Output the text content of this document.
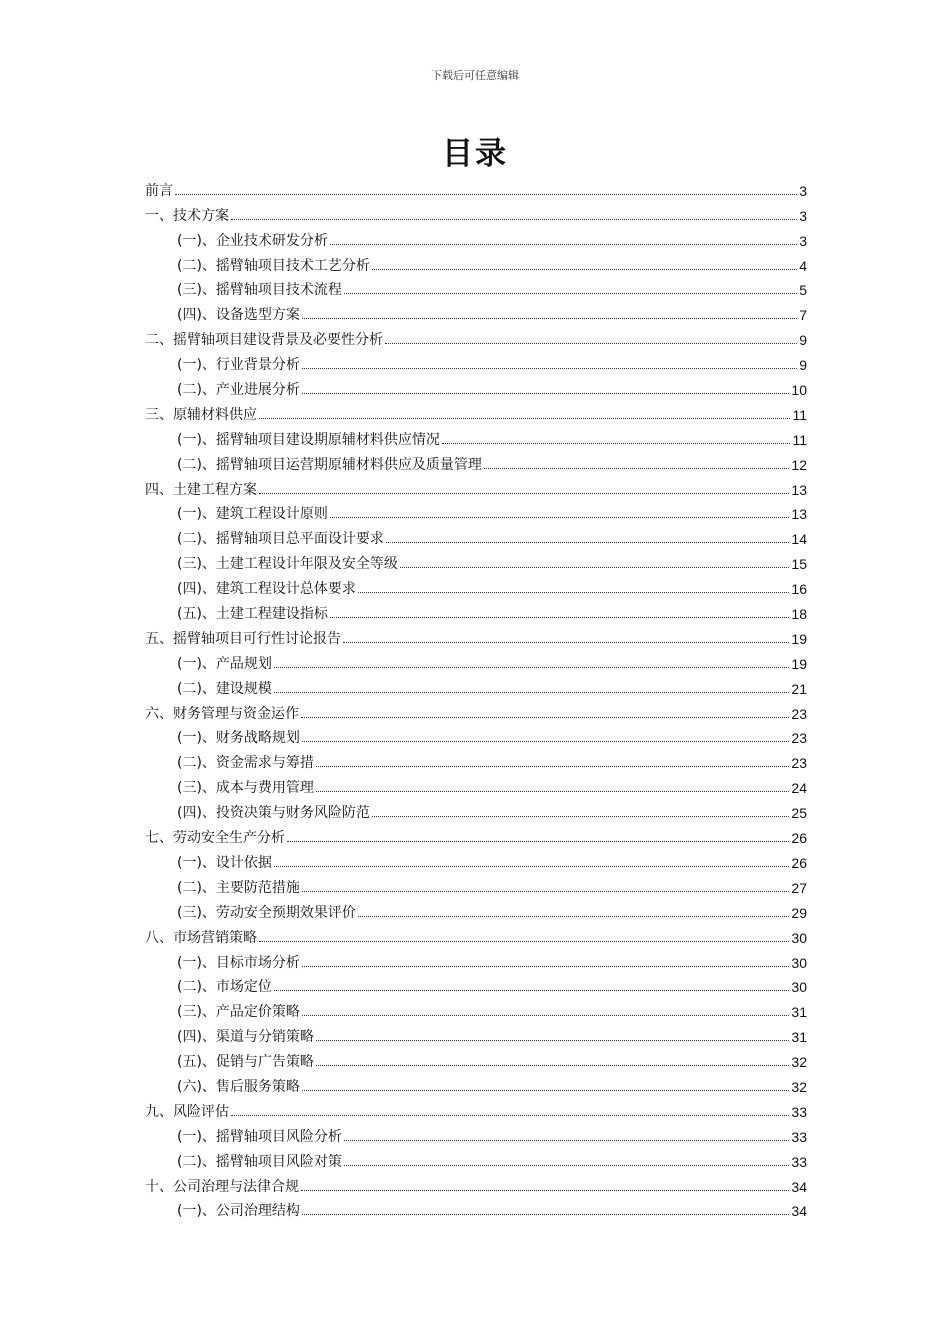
下载后可任意编辑
目录
前言	3
一、技术方案	3
(一)、企业技术研发分析	3
(二)、摇臂轴项目技术工艺分析	4
(三)、摇臂轴项目技术流程	5
(四)、设备选型方案	7
二、摇臂轴项目建设背景及必要性分析	9
(一)、行业背景分析	9
(二)、产业进展分析	10
三、原辅材料供应	11
(一)、摇臂轴项目建设期原辅材料供应情况	11
(二)、摇臂轴项目运营期原辅材料供应及质量管理	12
四、土建工程方案	13
(一)、建筑工程设计原则	13
(二)、摇臂轴项目总平面设计要求	14
(三)、土建工程设计年限及安全等级	15
(四)、建筑工程设计总体要求	16
(五)、土建工程建设指标	18
五、摇臂轴项目可行性讨论报告	19
(一)、产品规划	19
(二)、建设规模	21
六、财务管理与资金运作	23
(一)、财务战略规划	23
(二)、资金需求与筹措	23
(三)、成本与费用管理	24
(四)、投资决策与财务风险防范	25
七、劳动安全生产分析	26
(一)、设计依据	26
(二)、主要防范措施	27
(三)、劳动安全预期效果评价	29
八、市场营销策略	30
(一)、目标市场分析	30
(二)、市场定位	30
(三)、产品定价策略	31
(四)、渠道与分销策略	31
(五)、促销与广告策略	32
(六)、售后服务策略	32
九、风险评估	33
(一)、摇臂轴项目风险分析	33
(二)、摇臂轴项目风险对策	33
十、公司治理与法律合规	34
(一)、公司治理结构	34
